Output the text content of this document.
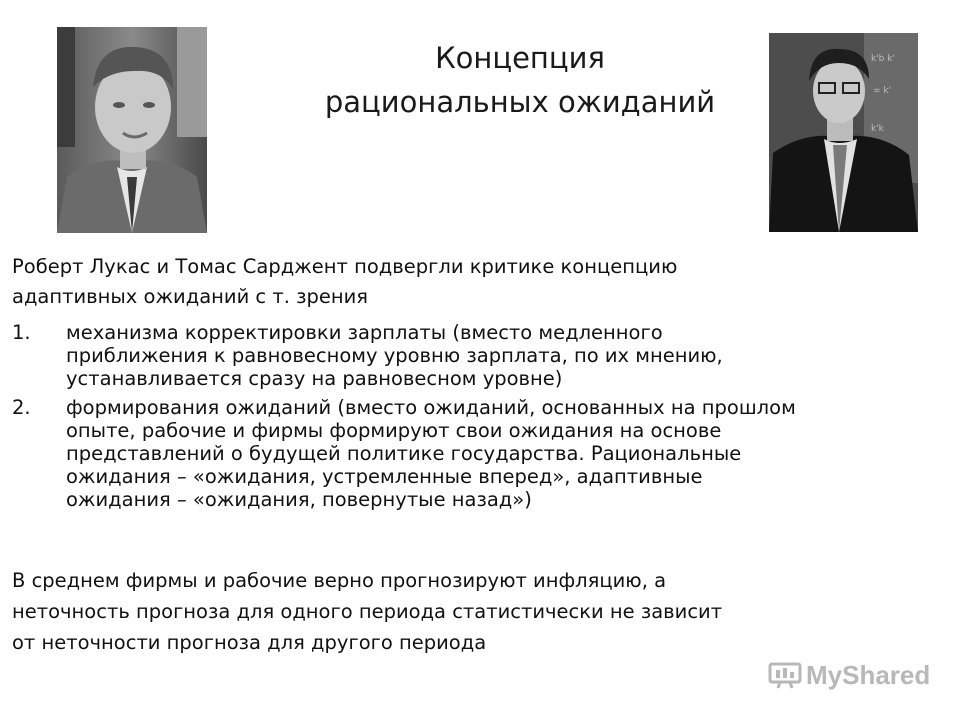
k'b k'
= k'
k'k
Концепция
рациональных ожиданий
Роберт Лукас и Томас Сарджент подвергли критике концепцию
адаптивных ожиданий с т. зрения
1.	механизма корректировки зарплаты (вместо медленного
приближения к равновесному уровню зарплата, по их мнению,
устанавливается сразу на равновесном уровне)
2.	формирования ожиданий (вместо ожиданий, основанных на прошлом
опыте, рабочие и фирмы формируют свои ожидания на основе
представлений о будущей политике государства. Рациональные
ожидания – «ожидания, устремленные вперед», адаптивные
ожидания – «ожидания, повернутые назад»)
В среднем фирмы и рабочие верно прогнозируют инфляцию, а
неточность прогноза для одного периода статистически не зависит
от неточности прогноза для другого периода
MyShared
